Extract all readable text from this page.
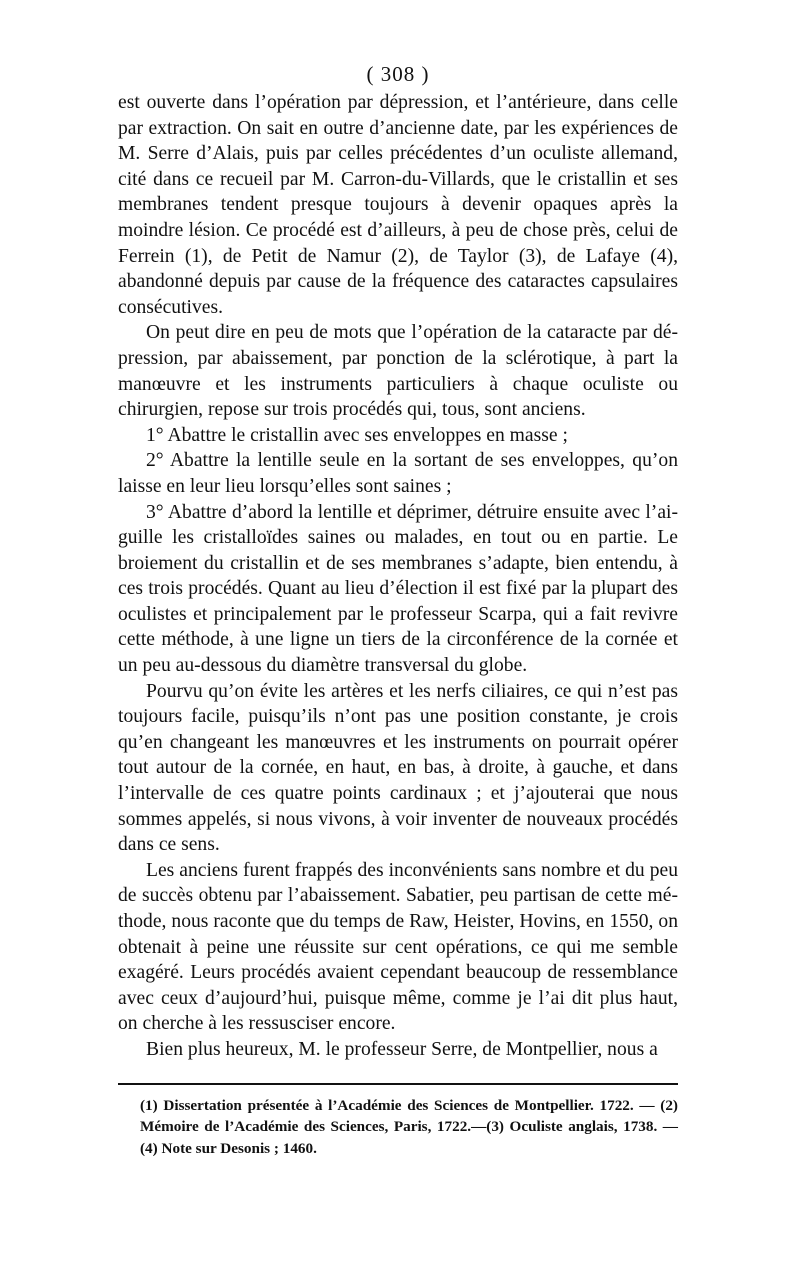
( 308 )

est ouverte dans l’opération par dépression, et l’antérieure, dans celle par extraction. On sait en outre d’ancienne date, par les expériences de M. Serre d’Alais, puis par celles précédentes d’un oculiste allemand, cité dans ce recueil par M. Carron-du-Villards, que le cristallin et ses membranes tendent presque toujours à devenir opaques après la moindre lésion. Ce procédé est d’ailleurs, à peu de chose près, celui de Ferrein (1), de Petit de Namur (2), de Taylor (3), de Lafaye (4), abandonné depuis par cause de la fréquence des cataractes capsulaires consécutives.

On peut dire en peu de mots que l’opération de la cataracte par dépression, par abaissement, par ponction de la sclérotique, à part la manœuvre et les instruments particuliers à chaque oculiste ou chirurgien, repose sur trois procédés qui, tous, sont anciens.

1° Abattre le cristallin avec ses enveloppes en masse ;

2° Abattre la lentille seule en la sortant de ses enveloppes, qu’on laisse en leur lieu lorsqu’elles sont saines ;

3° Abattre d’abord la lentille et déprimer, détruire ensuite avec l’aiguille les cristalloïdes saines ou malades, en tout ou en partie. Le broiement du cristallin et de ses membranes s’adapte, bien entendu, à ces trois procédés. Quant au lieu d’élection il est fixé par la plupart des oculistes et principalement par le professeur Scarpa, qui a fait revivre cette méthode, à une ligne un tiers de la circonférence de la cornée et un peu au-dessous du diamètre transversal du globe.

Pourvu qu’on évite les artères et les nerfs ciliaires, ce qui n’est pas toujours facile, puisqu’ils n’ont pas une position constante, je crois qu’en changeant les manœuvres et les instruments on pourrait opérer tout autour de la cornée, en haut, en bas, à droite, à gauche, et dans l’intervalle de ces quatre points cardinaux ; et j’ajouterai que nous sommes appelés, si nous vivons, à voir inventer de nouveaux procédés dans ce sens.

Les anciens furent frappés des inconvénients sans nombre et du peu de succès obtenu par l’abaissement. Sabatier, peu partisan de cette méthode, nous raconte que du temps de Raw, Heister, Hovins, en 1550, on obtenait à peine une réussite sur cent opérations, ce qui me semble exagéré. Leurs procédés avaient cependant beaucoup de ressemblance avec ceux d’aujourd’hui, puisque même, comme je l’ai dit plus haut, on cherche à les ressusciser encore.

Bien plus heureux, M. le professeur Serre, de Montpellier, nous a

(1) Dissertation présentée à l’Académie des Sciences de Montpellier. 1722. — (2) Mémoire de l’Académie des Sciences, Paris, 1722.—(3) Oculiste anglais, 1738. — (4) Note sur Desonis ; 1460.
